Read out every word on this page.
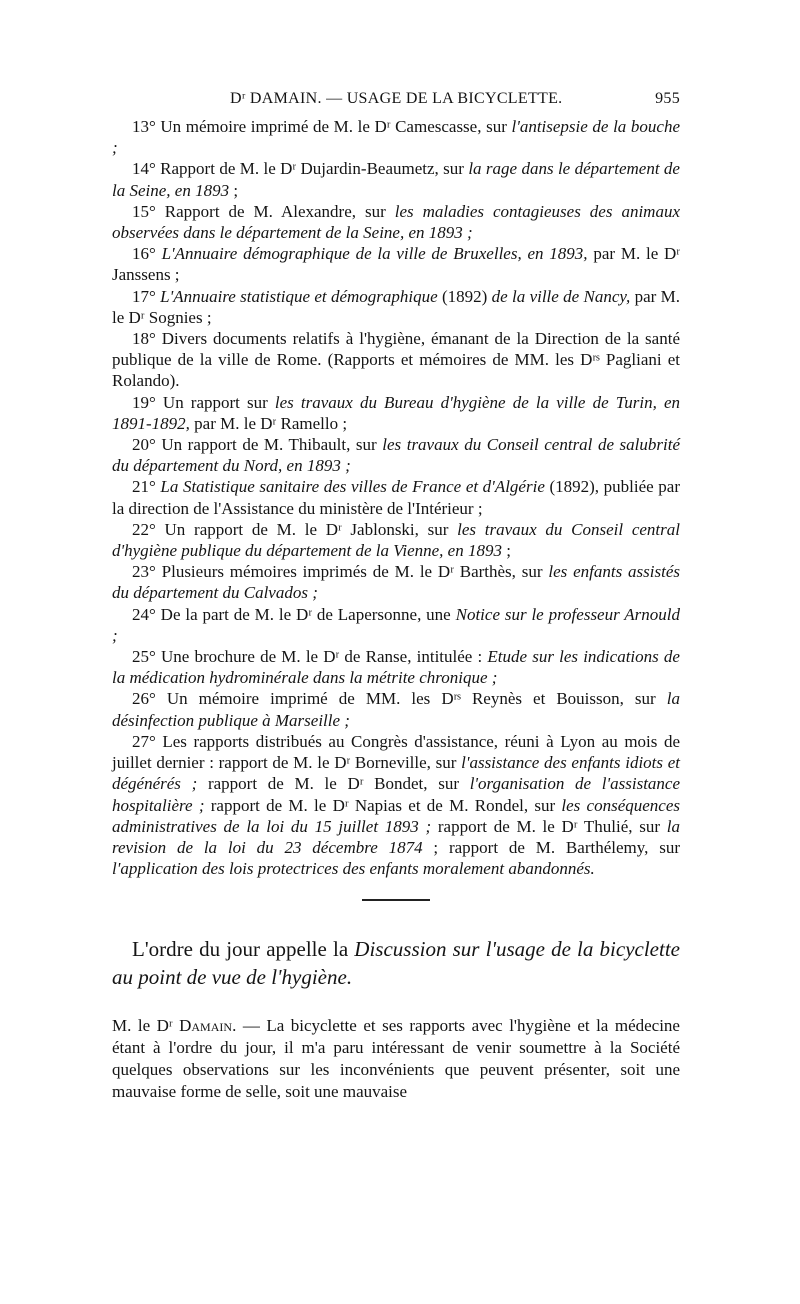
Dʳ DAMAIN. — USAGE DE LA BICYCLETTE.	955

13° Un mémoire imprimé de M. le Dʳ Camescasse, sur l'antisepsie de la bouche ;

14° Rapport de M. le Dʳ Dujardin-Beaumetz, sur la rage dans le département de la Seine, en 1893 ;

15° Rapport de M. Alexandre, sur les maladies contagieuses des animaux observées dans le département de la Seine, en 1893 ;

16° L'Annuaire démographique de la ville de Bruxelles, en 1893, par M. le Dʳ Janssens ;

17° L'Annuaire statistique et démographique (1892) de la ville de Nancy, par M. le Dʳ Sognies ;

18° Divers documents relatifs à l'hygiène, émanant de la Direction de la santé publique de la ville de Rome. (Rapports et mémoires de MM. les Dʳˢ Pagliani et Rolando).

19° Un rapport sur les travaux du Bureau d'hygiène de la ville de Turin, en 1891-1892, par M. le Dʳ Ramello ;

20° Un rapport de M. Thibault, sur les travaux du Conseil central de salubrité du département du Nord, en 1893 ;

21° La Statistique sanitaire des villes de France et d'Algérie (1892), publiée par la direction de l'Assistance du ministère de l'Intérieur ;

22° Un rapport de M. le Dʳ Jablonski, sur les travaux du Conseil central d'hygiène publique du département de la Vienne, en 1893 ;

23° Plusieurs mémoires imprimés de M. le Dʳ Barthès, sur les enfants assistés du département du Calvados ;

24° De la part de M. le Dʳ de Lapersonne, une Notice sur le professeur Arnould ;

25° Une brochure de M. le Dʳ de Ranse, intitulée : Etude sur les indications de la médication hydrominérale dans la métrite chronique ;

26° Un mémoire imprimé de MM. les Dʳˢ Reynès et Bouisson, sur la désinfection publique à Marseille ;

27° Les rapports distribués au Congrès d'assistance, réuni à Lyon au mois de juillet dernier : rapport de M. le Dʳ Borneville, sur l'assistance des enfants idiots et dégénérés ; rapport de M. le Dʳ Bondet, sur l'organisation de l'assistance hospitalière ; rapport de M. le Dʳ Napias et de M. Rondel, sur les conséquences administratives de la loi du 15 juillet 1893 ; rapport de M. le Dʳ Thulié, sur la revision de la loi du 23 décembre 1874 ; rapport de M. Barthélemy, sur l'application des lois protectrices des enfants moralement abandonnés.

L'ordre du jour appelle la Discussion sur l'usage de la bicyclette au point de vue de l'hygiène.

M. le Dʳ Damain. — La bicyclette et ses rapports avec l'hygiène et la médecine étant à l'ordre du jour, il m'a paru intéressant de venir soumettre à la Société quelques observations sur les inconvénients que peuvent présenter, soit une mauvaise forme de selle, soit une mauvaise
